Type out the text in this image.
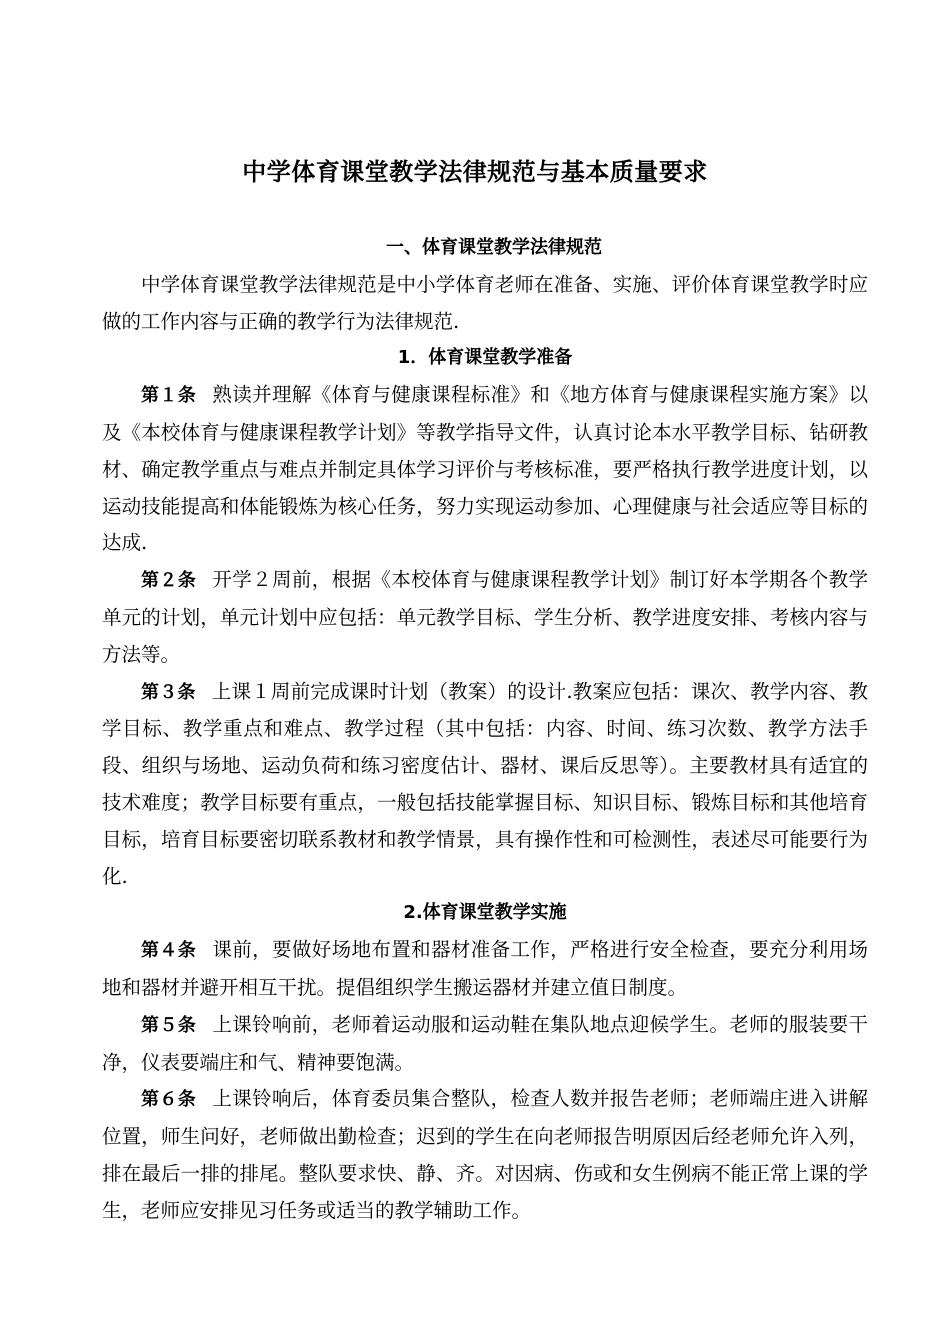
中学体育课堂教学法律规范与基本质量要求
一、体育课堂教学法律规范

中学体育课堂教学法律规范是中小学体育老师在准备、实施、评价体育课堂教学时应做的工作内容与正确的教学行为法律规范.

1．体育课堂教学准备

第１条 熟读并理解《体育与健康课程标准》和《地方体育与健康课程实施方案》以及《本校体育与健康课程教学计划》等教学指导文件，认真讨论本水平教学目标、钻研教材、确定教学重点与难点并制定具体学习评价与考核标准，要严格执行教学进度计划，以运动技能提高和体能锻炼为核心任务，努力实现运动参加、心理健康与社会适应等目标的达成.

第２条 开学２周前，根据《本校体育与健康课程教学计划》制订好本学期各个教学单元的计划，单元计划中应包括：单元教学目标、学生分析、教学进度安排、考核内容与方法等。

第３条 上课１周前完成课时计划（教案）的设计.教案应包括：课次、教学内容、教学目标、教学重点和难点、教学过程（其中包括：内容、时间、练习次数、教学方法手段、组织与场地、运动负荷和练习密度估计、器材、课后反思等）。主要教材具有适宜的技术难度；教学目标要有重点，一般包括技能掌握目标、知识目标、锻炼目标和其他培育目标，培育目标要密切联系教材和教学情景，具有操作性和可检测性，表述尽可能要行为化.

2.体育课堂教学实施

第４条 课前，要做好场地布置和器材准备工作，严格进行安全检查，要充分利用场地和器材并避开相互干扰。提倡组织学生搬运器材并建立值日制度。

第５条 上课铃响前，老师着运动服和运动鞋在集队地点迎候学生。老师的服装要干净，仪表要端庄和气、精神要饱满。

第６条 上课铃响后，体育委员集合整队，检查人数并报告老师；老师端庄进入讲解位置，师生问好，老师做出勤检查；迟到的学生在向老师报告明原因后经老师允许入列，排在最后一排的排尾。整队要求快、静、齐。对因病、伤或和女生例病不能正常上课的学生，老师应安排见习任务或适当的教学辅助工作。
